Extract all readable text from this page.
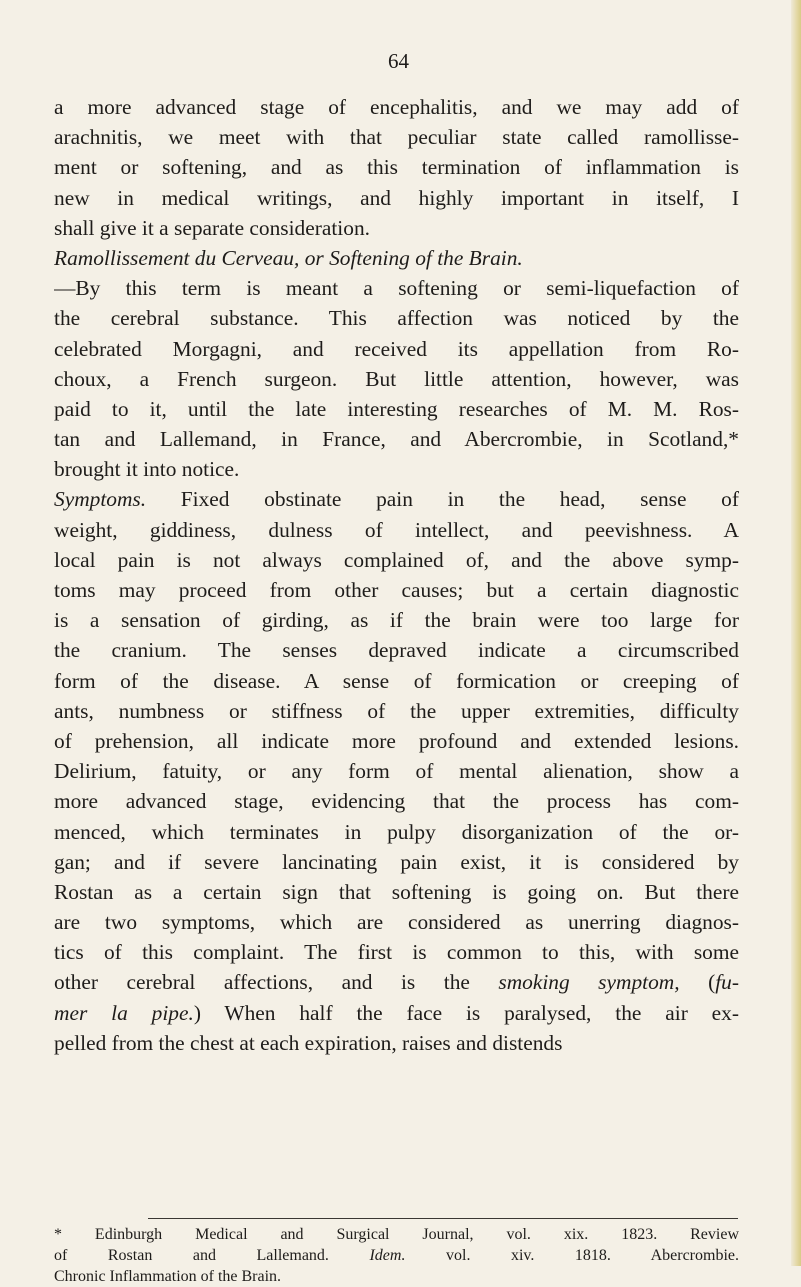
64
a more advanced stage of encephalitis, and we may add of
arachnitis, we meet with that peculiar state called ramollisse-
ment or softening, and as this termination of inflammation is
new in medical writings, and highly important in itself, I
shall give it a separate consideration.
Ramollissement du Cerveau, or Softening of the Brain.
—By this term is meant a softening or semi-liquefaction of
the cerebral substance. This affection was noticed by the
celebrated Morgagni, and received its appellation from Ro-
choux, a French surgeon. But little attention, however, was
paid to it, until the late interesting researches of M. M. Ros-
tan and Lallemand, in France, and Abercrombie, in Scotland,*
brought it into notice.
Symptoms. Fixed obstinate pain in the head, sense of
weight, giddiness, dulness of intellect, and peevishness. A
local pain is not always complained of, and the above symp-
toms may proceed from other causes; but a certain diagnostic
is a sensation of girding, as if the brain were too large for
the cranium. The senses depraved indicate a circumscribed
form of the disease. A sense of formication or creeping of
ants, numbness or stiffness of the upper extremities, difficulty
of prehension, all indicate more profound and extended lesions.
Delirium, fatuity, or any form of mental alienation, show a
more advanced stage, evidencing that the process has com-
menced, which terminates in pulpy disorganization of the or-
gan; and if severe lancinating pain exist, it is considered by
Rostan as a certain sign that softening is going on. But there
are two symptoms, which are considered as unerring diagnos-
tics of this complaint. The first is common to this, with some
other cerebral affections, and is the smoking symptom, (fu-
mer la pipe.) When half the face is paralysed, the air ex-
pelled from the chest at each expiration, raises and distends
* Edinburgh Medical and Surgical Journal, vol. xix. 1823. Review
of Rostan and Lallemand. Idem. vol. xiv. 1818. Abercrombie.
Chronic Inflammation of the Brain.
